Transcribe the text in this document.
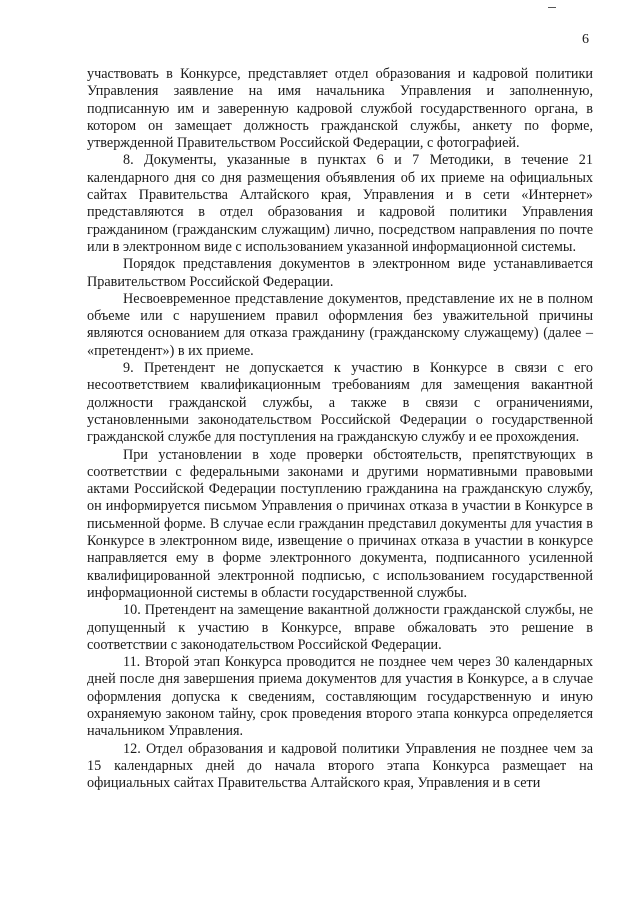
6

участвовать в Конкурсе, представляет отдел образования и кадровой политики Управления заявление на имя начальника Управления и заполненную, подписанную им и заверенную кадровой службой государственного органа, в котором он замещает должность гражданской службы, анкету по форме, утвержденной Правительством Российской Федерации, с фотографией.

8. Документы, указанные в пунктах 6 и 7 Методики, в течение 21 календарного дня со дня размещения объявления об их приеме на официальных сайтах Правительства Алтайского края, Управления и в сети «Интернет» представляются в отдел образования и кадровой политики Управления гражданином (гражданским служащим) лично, посредством направления по почте или в электронном виде с использованием указанной информационной системы.

Порядок представления документов в электронном виде устанавливается Правительством Российской Федерации.

Несвоевременное представление документов, представление их не в полном объеме или с нарушением правил оформления без уважительной причины являются основанием для отказа гражданину (гражданскому служащему) (далее – «претендент») в их приеме.

9. Претендент не допускается к участию в Конкурсе в связи с его несоответствием квалификационным требованиям для замещения вакантной должности гражданской службы, а также в связи с ограничениями, установленными законодательством Российской Федерации о государственной гражданской службе для поступления на гражданскую службу и ее прохождения.

При установлении в ходе проверки обстоятельств, препятствующих в соответствии с федеральными законами и другими нормативными правовыми актами Российской Федерации поступлению гражданина на гражданскую службу, он информируется письмом Управления о причинах отказа в участии в Конкурсе в письменной форме. В случае если гражданин представил документы для участия в Конкурсе в электронном виде, извещение о причинах отказа в участии в конкурсе направляется ему в форме электронного документа, подписанного усиленной квалифицированной электронной подписью, с использованием государственной информационной системы в области государственной службы.

10. Претендент на замещение вакантной должности гражданской службы, не допущенный к участию в Конкурсе, вправе обжаловать это решение в соответствии с законодательством Российской Федерации.

11. Второй этап Конкурса проводится не позднее чем через 30 календарных дней после дня завершения приема документов для участия в Конкурсе, а в случае оформления допуска к сведениям, составляющим государственную и иную охраняемую законом тайну, срок проведения второго этапа конкурса определяется начальником Управления.

12. Отдел образования и кадровой политики Управления не позднее чем за 15 календарных дней до начала второго этапа Конкурса размещает на официальных сайтах Правительства Алтайского края, Управления и в сети
